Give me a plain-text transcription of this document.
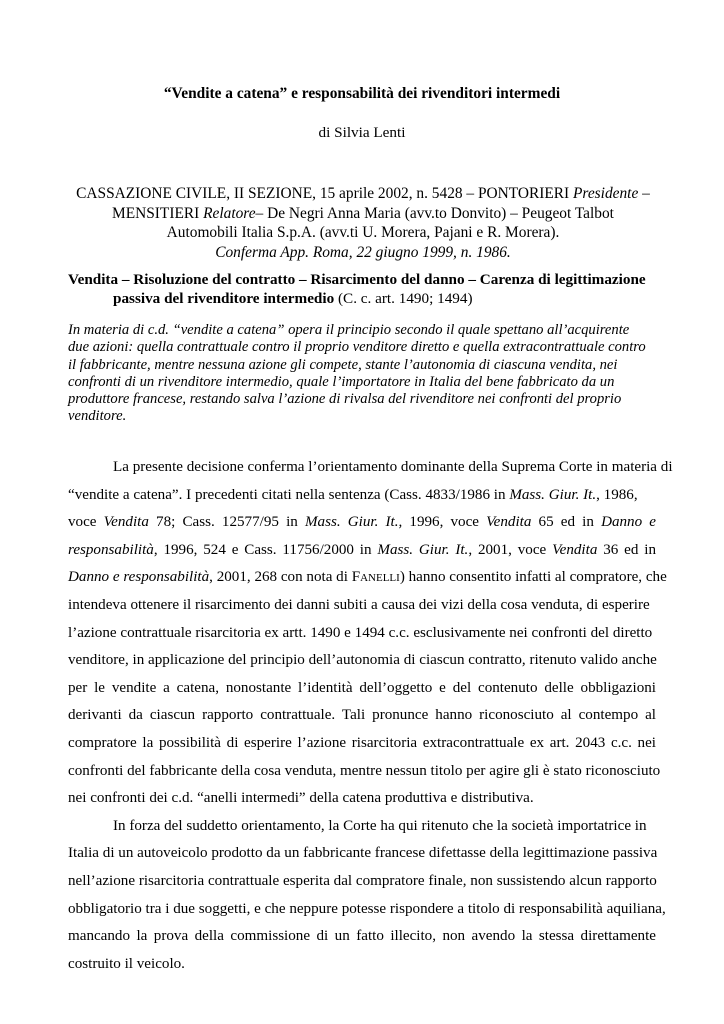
“Vendite a catena” e responsabilità dei rivenditori intermedi
di Silvia Lenti
CASSAZIONE CIVILE, II SEZIONE, 15 aprile 2002, n. 5428 – PONTORIERI Presidente –
MENSITIERI Relatore– De Negri Anna Maria (avv.to Donvito) – Peugeot Talbot
Automobili Italia S.p.A. (avv.ti U. Morera, Pajani e R. Morera).
Conferma App. Roma, 22 giugno 1999, n. 1986.
Vendita – Risoluzione del contratto – Risarcimento del danno – Carenza di legittimazione
passiva del rivenditore intermedio (C. c. art. 1490; 1494)
In materia di c.d. “vendite a catena” opera il principio secondo il quale spettano all’acquirente
due azioni: quella contrattuale contro il proprio venditore diretto e quella extracontrattuale contro
il fabbricante, mentre nessuna azione gli compete, stante l’autonomia di ciascuna vendita, nei
confronti di un rivenditore intermedio, quale l’importatore in Italia del bene fabbricato da un
produttore francese, restando salva l’azione di rivalsa del rivenditore nei confronti del proprio
venditore.
La presente decisione conferma l’orientamento dominante della Suprema Corte in materia di
“vendite a catena”. I precedenti citati nella sentenza (Cass. 4833/1986 in Mass. Giur. It., 1986,
voce Vendita 78; Cass. 12577/95 in Mass. Giur. It., 1996, voce Vendita 65 ed in Danno e
responsabilità, 1996, 524 e Cass. 11756/2000 in Mass. Giur. It., 2001, voce Vendita 36 ed in
Danno e responsabilità, 2001, 268 con nota di Fanelli) hanno consentito infatti al compratore, che
intendeva ottenere il risarcimento dei danni subiti a causa dei vizi della cosa venduta, di esperire
l’azione contrattuale risarcitoria ex artt. 1490 e 1494 c.c. esclusivamente nei confronti del diretto
venditore, in applicazione del principio dell’autonomia di ciascun contratto, ritenuto valido anche
per le vendite a catena, nonostante l’identità dell’oggetto e del contenuto delle obbligazioni
derivanti da ciascun rapporto contrattuale. Tali pronunce hanno riconosciuto al contempo al
compratore la possibilità di esperire l’azione risarcitoria extracontrattuale ex art. 2043 c.c. nei
confronti del fabbricante della cosa venduta, mentre nessun titolo per agire gli è stato riconosciuto
nei confronti dei c.d. “anelli intermedi” della catena produttiva e distributiva.
In forza del suddetto orientamento, la Corte ha qui ritenuto che la società importatrice in
Italia di un autoveicolo prodotto da un fabbricante francese difettasse della legittimazione passiva
nell’azione risarcitoria contrattuale esperita dal compratore finale, non sussistendo alcun rapporto
obbligatorio tra i due soggetti, e che neppure potesse rispondere a titolo di responsabilità aquiliana,
mancando la prova della commissione di un fatto illecito, non avendo la stessa direttamente
costruito il veicolo.
